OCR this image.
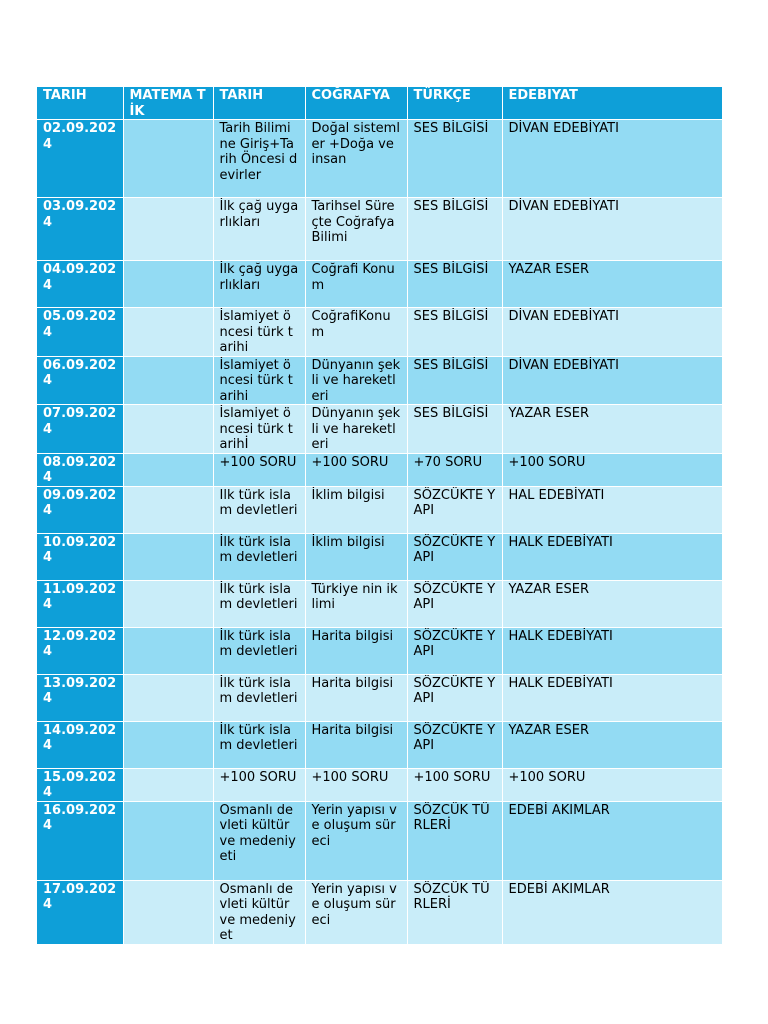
TARIH	MATEMA TİK	TARIH	COĞRAFYA	TÜRKÇE	EDEBIYAT
02.09.2024		Tarih Bilimine Giriş+Tarih Öncesi devirler	Doğal sistemler +Doğa ve insan	SES BİLGİSİ	DİVAN EDEBİYATI
03.09.2024		İlk çağ uygarlıkları	Tarihsel Süreçte Coğrafya Bilimi	SES BİLGİSİ	DİVAN EDEBİYATI
04.09.2024		İlk çağ uygarlıkları	Coğrafi Konum	SES BİLGİSİ	YAZAR ESER
05.09.2024		İslamiyet öncesi türk tarihi	CoğrafiKonum	SES BİLGİSİ	DİVAN EDEBİYATI
06.09.2024		İslamiyet öncesi türk tarihi	Dünyanın şekli ve hareketleri	SES BİLGİSİ	DİVAN EDEBİYATI
07.09.2024		İslamiyet öncesi türk tarihİ	Dünyanın şekli ve hareketleri	SES BİLGİSİ	YAZAR ESER
08.09.2024		+100 SORU	+100 SORU	+70 SORU	+100 SORU
09.09.2024		Ilk türk islam devletleri	İklim bilgisi	SÖZCÜKTE YAPI	HAL EDEBİYATI
10.09.2024		İlk türk islam devletleri	İklim bilgisi	SÖZCÜKTE YAPI	HALK EDEBİYATI
11.09.2024		İlk türk islam devletleri	Türkiye nin iklimi	SÖZCÜKTE YAPI	YAZAR ESER
12.09.2024		İlk türk islam devletleri	Harita bilgisi	SÖZCÜKTE YAPI	HALK EDEBİYATI
13.09.2024		İlk türk islam devletleri	Harita bilgisi	SÖZCÜKTE YAPI	HALK EDEBİYATI
14.09.2024		İlk türk islam devletleri	Harita bilgisi	SÖZCÜKTE YAPI	YAZAR ESER
15.09.2024		+100 SORU	+100 SORU	+100 SORU	+100 SORU
16.09.2024		Osmanlı devleti kültür ve medeniyeti	Yerin yapısı ve oluşum süreci	SÖZCÜK TÜRLERİ	EDEBİ AKIMLAR
17.09.2024		Osmanlı devleti kültür ve medeniyet	Yerin yapısı ve oluşum süreci	SÖZCÜK TÜRLERİ	EDEBİ AKIMLAR
